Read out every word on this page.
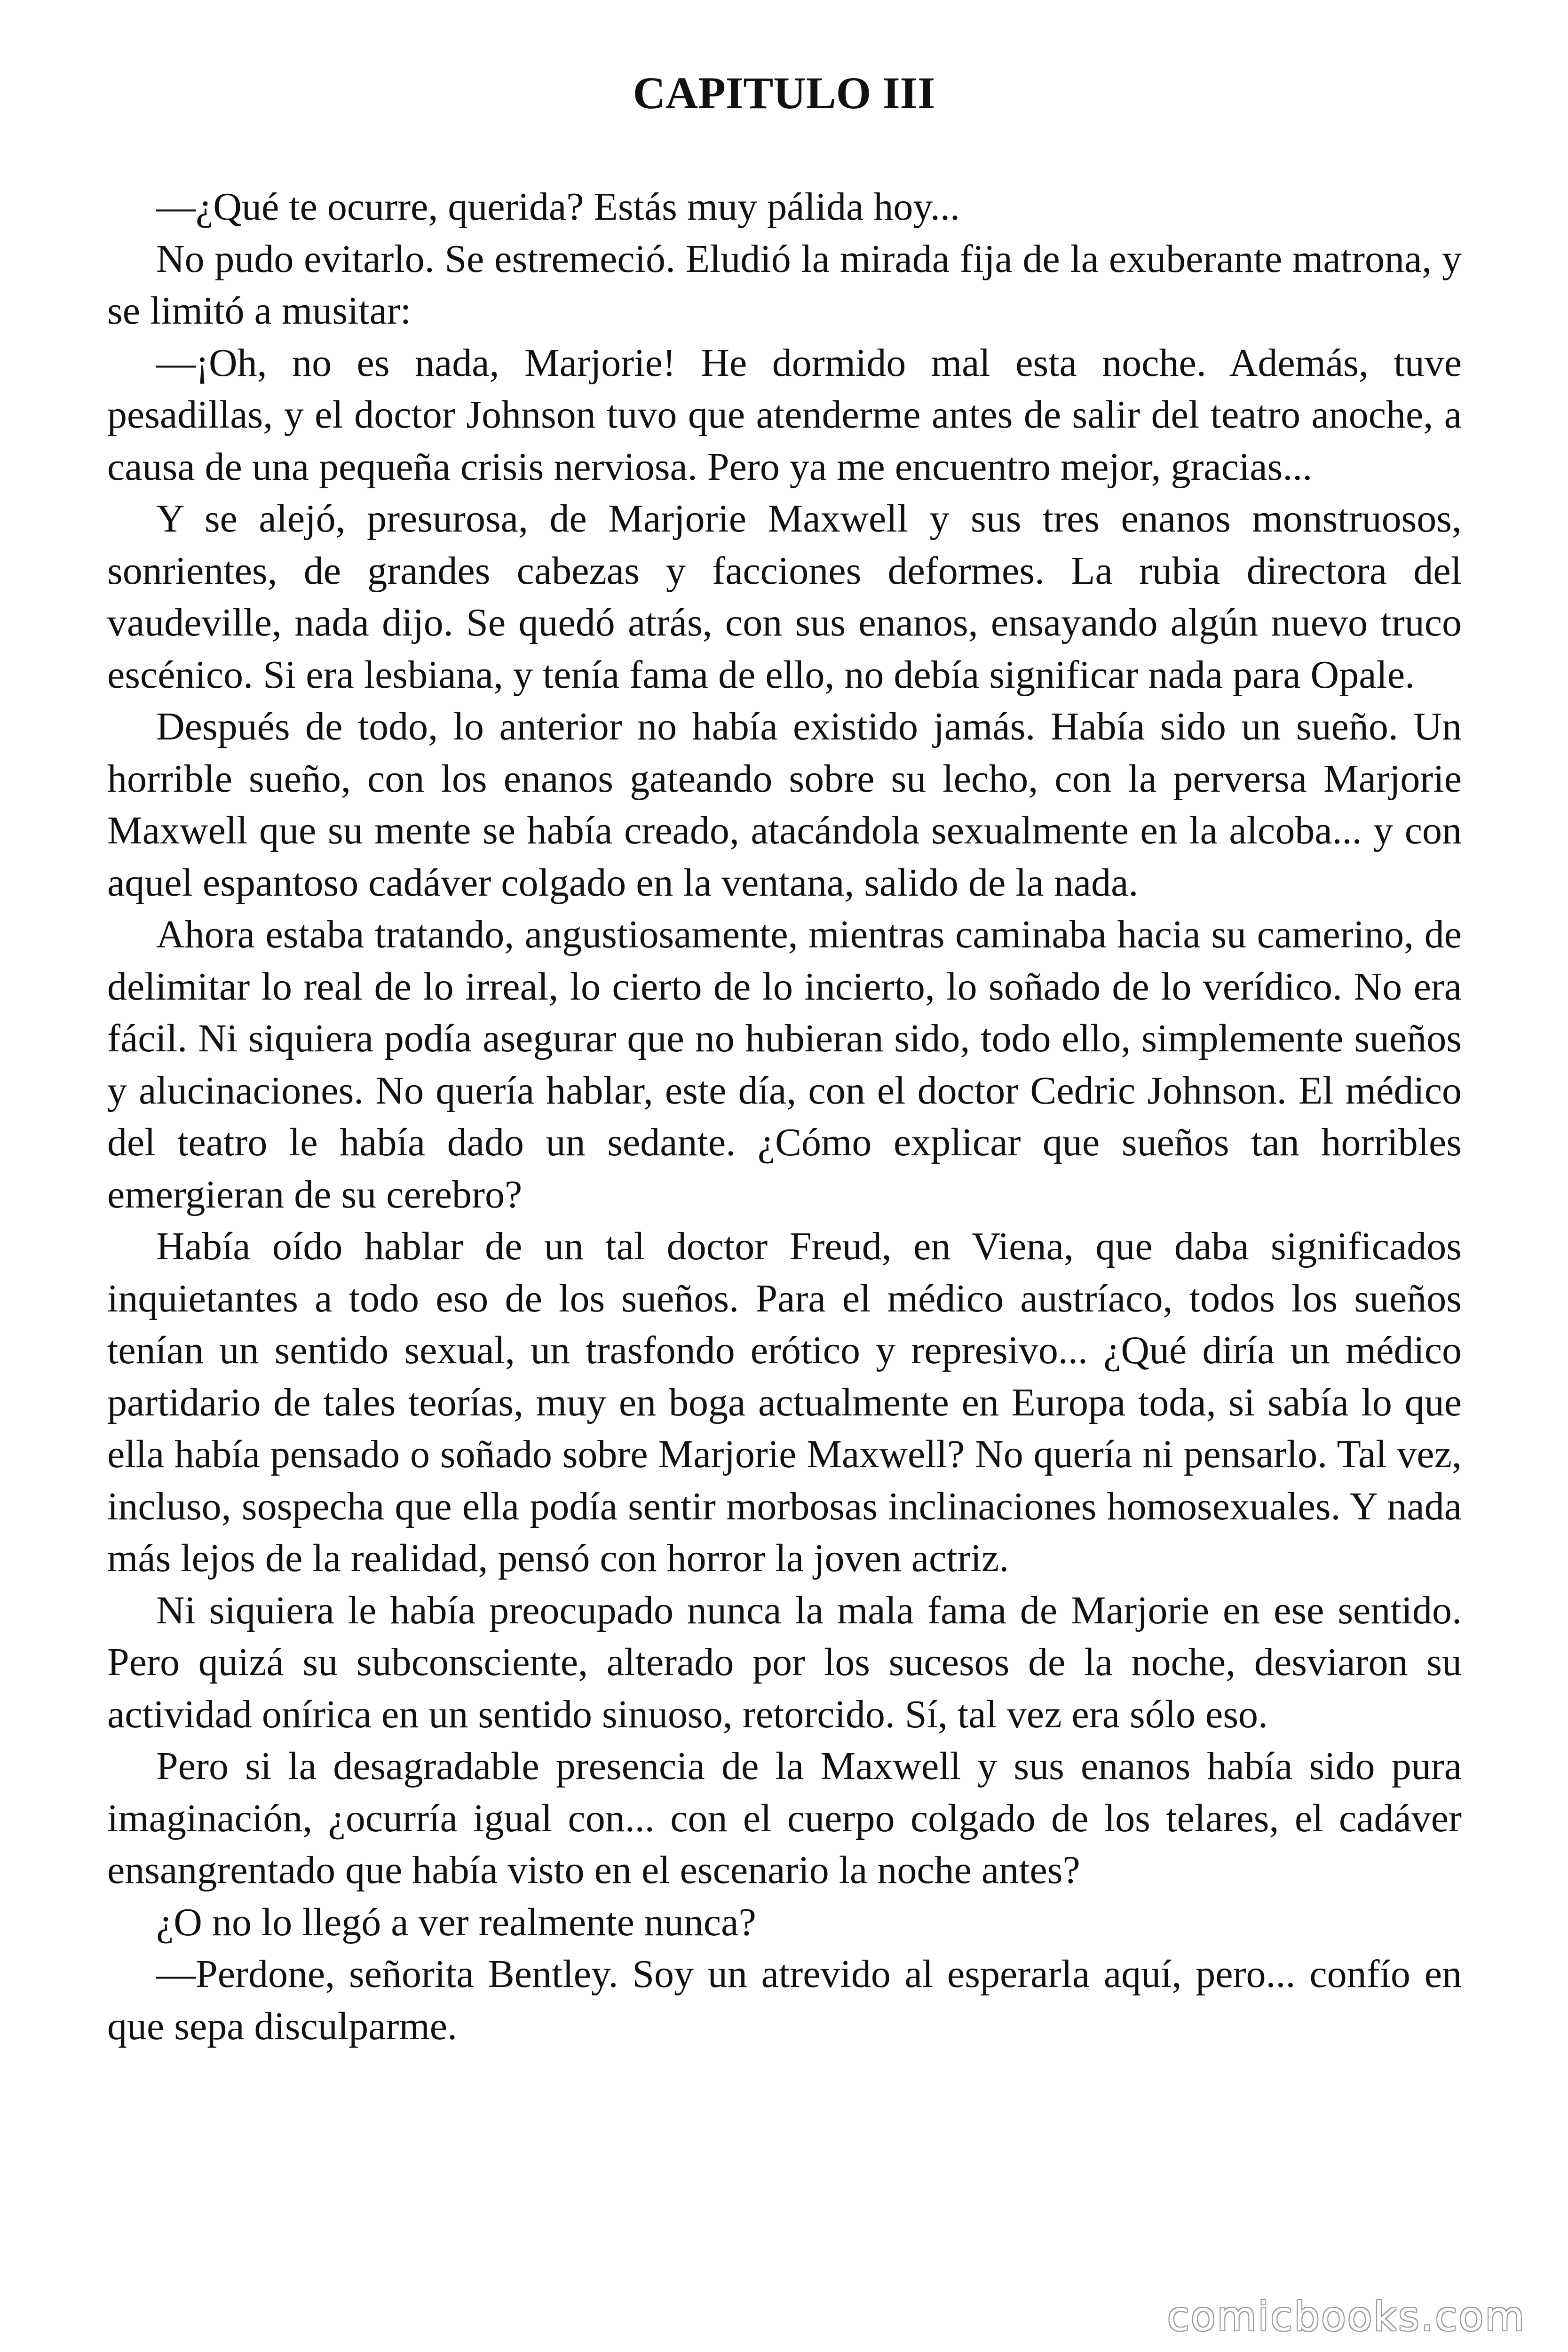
CAPITULO III

—¿Qué te ocurre, querida? Estás muy pálida hoy...

No pudo evitarlo. Se estremeció. Eludió la mirada fija de la exuberante matrona, y se limitó a musitar:

—¡Oh, no es nada, Marjorie! He dormido mal esta noche. Además, tuve pesadillas, y el doctor Johnson tuvo que atenderme antes de salir del teatro anoche, a causa de una pequeña crisis nerviosa. Pero ya me encuentro mejor, gracias...

Y se alejó, presurosa, de Marjorie Maxwell y sus tres enanos monstruosos, sonrientes, de grandes cabezas y facciones deformes. La rubia directora del vaudeville, nada dijo. Se quedó atrás, con sus enanos, ensayando algún nuevo truco escénico. Si era lesbiana, y tenía fama de ello, no debía significar nada para Opale.

Después de todo, lo anterior no había existido jamás. Había sido un sueño. Un horrible sueño, con los enanos gateando sobre su lecho, con la perversa Marjorie Maxwell que su mente se había creado, atacándola sexualmente en la alcoba... y con aquel espantoso cadáver colgado en la ventana, salido de la nada.

Ahora estaba tratando, angustiosamente, mientras caminaba hacia su camerino, de delimitar lo real de lo irreal, lo cierto de lo incierto, lo soñado de lo verídico. No era fácil. Ni siquiera podía asegurar que no hubieran sido, todo ello, simplemente sueños y alucinaciones. No quería hablar, este día, con el doctor Cedric Johnson. El médico del teatro le había dado un sedante. ¿Cómo explicar que sueños tan horribles emergieran de su cerebro?

Había oído hablar de un tal doctor Freud, en Viena, que daba significados inquietantes a todo eso de los sueños. Para el médico austríaco, todos los sueños tenían un sentido sexual, un trasfondo erótico y represivo... ¿Qué diría un médico partidario de tales teorías, muy en boga actualmente en Europa toda, si sabía lo que ella había pensado o soñado sobre Marjorie Maxwell? No quería ni pensarlo. Tal vez, incluso, sospecha que ella podía sentir morbosas inclinaciones homosexuales. Y nada más lejos de la realidad, pensó con horror la joven actriz.

Ni siquiera le había preocupado nunca la mala fama de Marjorie en ese sentido. Pero quizá su subconsciente, alterado por los sucesos de la noche, desviaron su actividad onírica en un sentido sinuoso, retorcido. Sí, tal vez era sólo eso.

Pero si la desagradable presencia de la Maxwell y sus enanos había sido pura imaginación, ¿ocurría igual con... con el cuerpo colgado de los telares, el cadáver ensangrentado que había visto en el escenario la noche antes?

¿O no lo llegó a ver realmente nunca?

—Perdone, señorita Bentley. Soy un atrevido al esperarla aquí, pero... confío en que sepa disculparme.

comicbooks.com
